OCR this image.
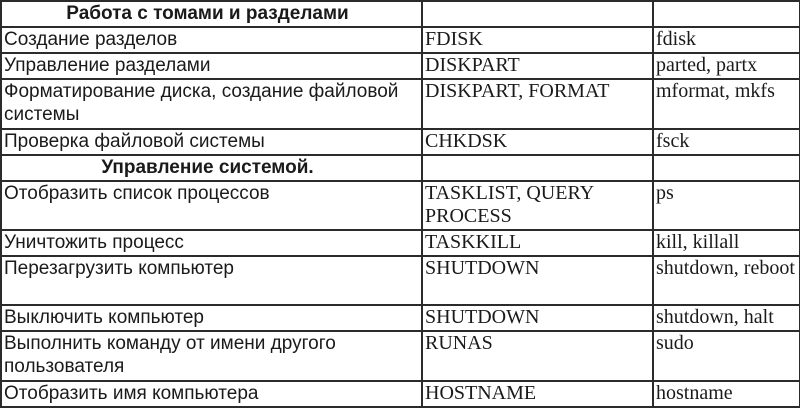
Работа с томами и разделами		
Создание разделов	FDISK	fdisk
Управление разделами	DISKPART	parted, partx
Форматирование диска, создание файловой системы	DISKPART, FORMAT	mformat, mkfs
Проверка файловой системы	CHKDSK	fsck
Управление системой.		
Отобразить список процессов	TASKLIST, QUERY PROCESS	ps
Уничтожить процесс	TASKKILL	kill, killall
Перезагрузить компьютер	SHUTDOWN	shutdown, reboot
Выключить компьютер	SHUTDOWN	shutdown, halt
Выполнить команду от имени другого пользователя	RUNAS	sudo
Отобразить имя компьютера	HOSTNAME	hostname
